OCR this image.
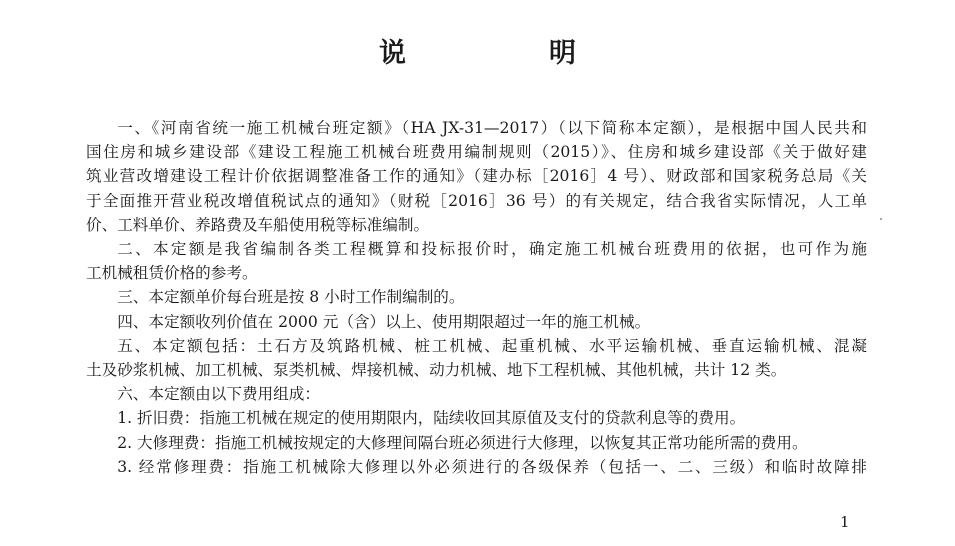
说　明
一、《河南省统一施工机械台班定额》（HA JX-31—2017）（以下简称本定额），是根据中国人民共和
国住房和城乡建设部《建设工程施工机械台班费用编制规则（2015）》、住房和城乡建设部《关于做好建
筑业营改增建设工程计价依据调整准备工作的通知》（建办标［2016］4 号）、财政部和国家税务总局《关
于全面推开营业税改增值税试点的通知》（财税［2016］36 号）的有关规定，结合我省实际情况，人工单
价、工料单价、养路费及车船使用税等标准编制。
二、本定额是我省编制各类工程概算和投标报价时，确定施工机械台班费用的依据，也可作为施
工机械租赁价格的参考。
三、本定额单价每台班是按 8 小时工作制编制的。
四、本定额收列价值在 2000 元（含）以上、使用期限超过一年的施工机械。
五、本定额包括：土石方及筑路机械、桩工机械、起重机械、水平运输机械、垂直运输机械、混凝
土及砂浆机械、加工机械、泵类机械、焊接机械、动力机械、地下工程机械、其他机械，共计 12 类。
六、本定额由以下费用组成：
1. 折旧费：指施工机械在规定的使用期限内，陆续收回其原值及支付的贷款利息等的费用。
2. 大修理费：指施工机械按规定的大修理间隔台班必须进行大修理，以恢复其正常功能所需的费用。
3. 经常修理费：指施工机械除大修理以外必须进行的各级保养（包括一、二、三级）和临时故障排
1
